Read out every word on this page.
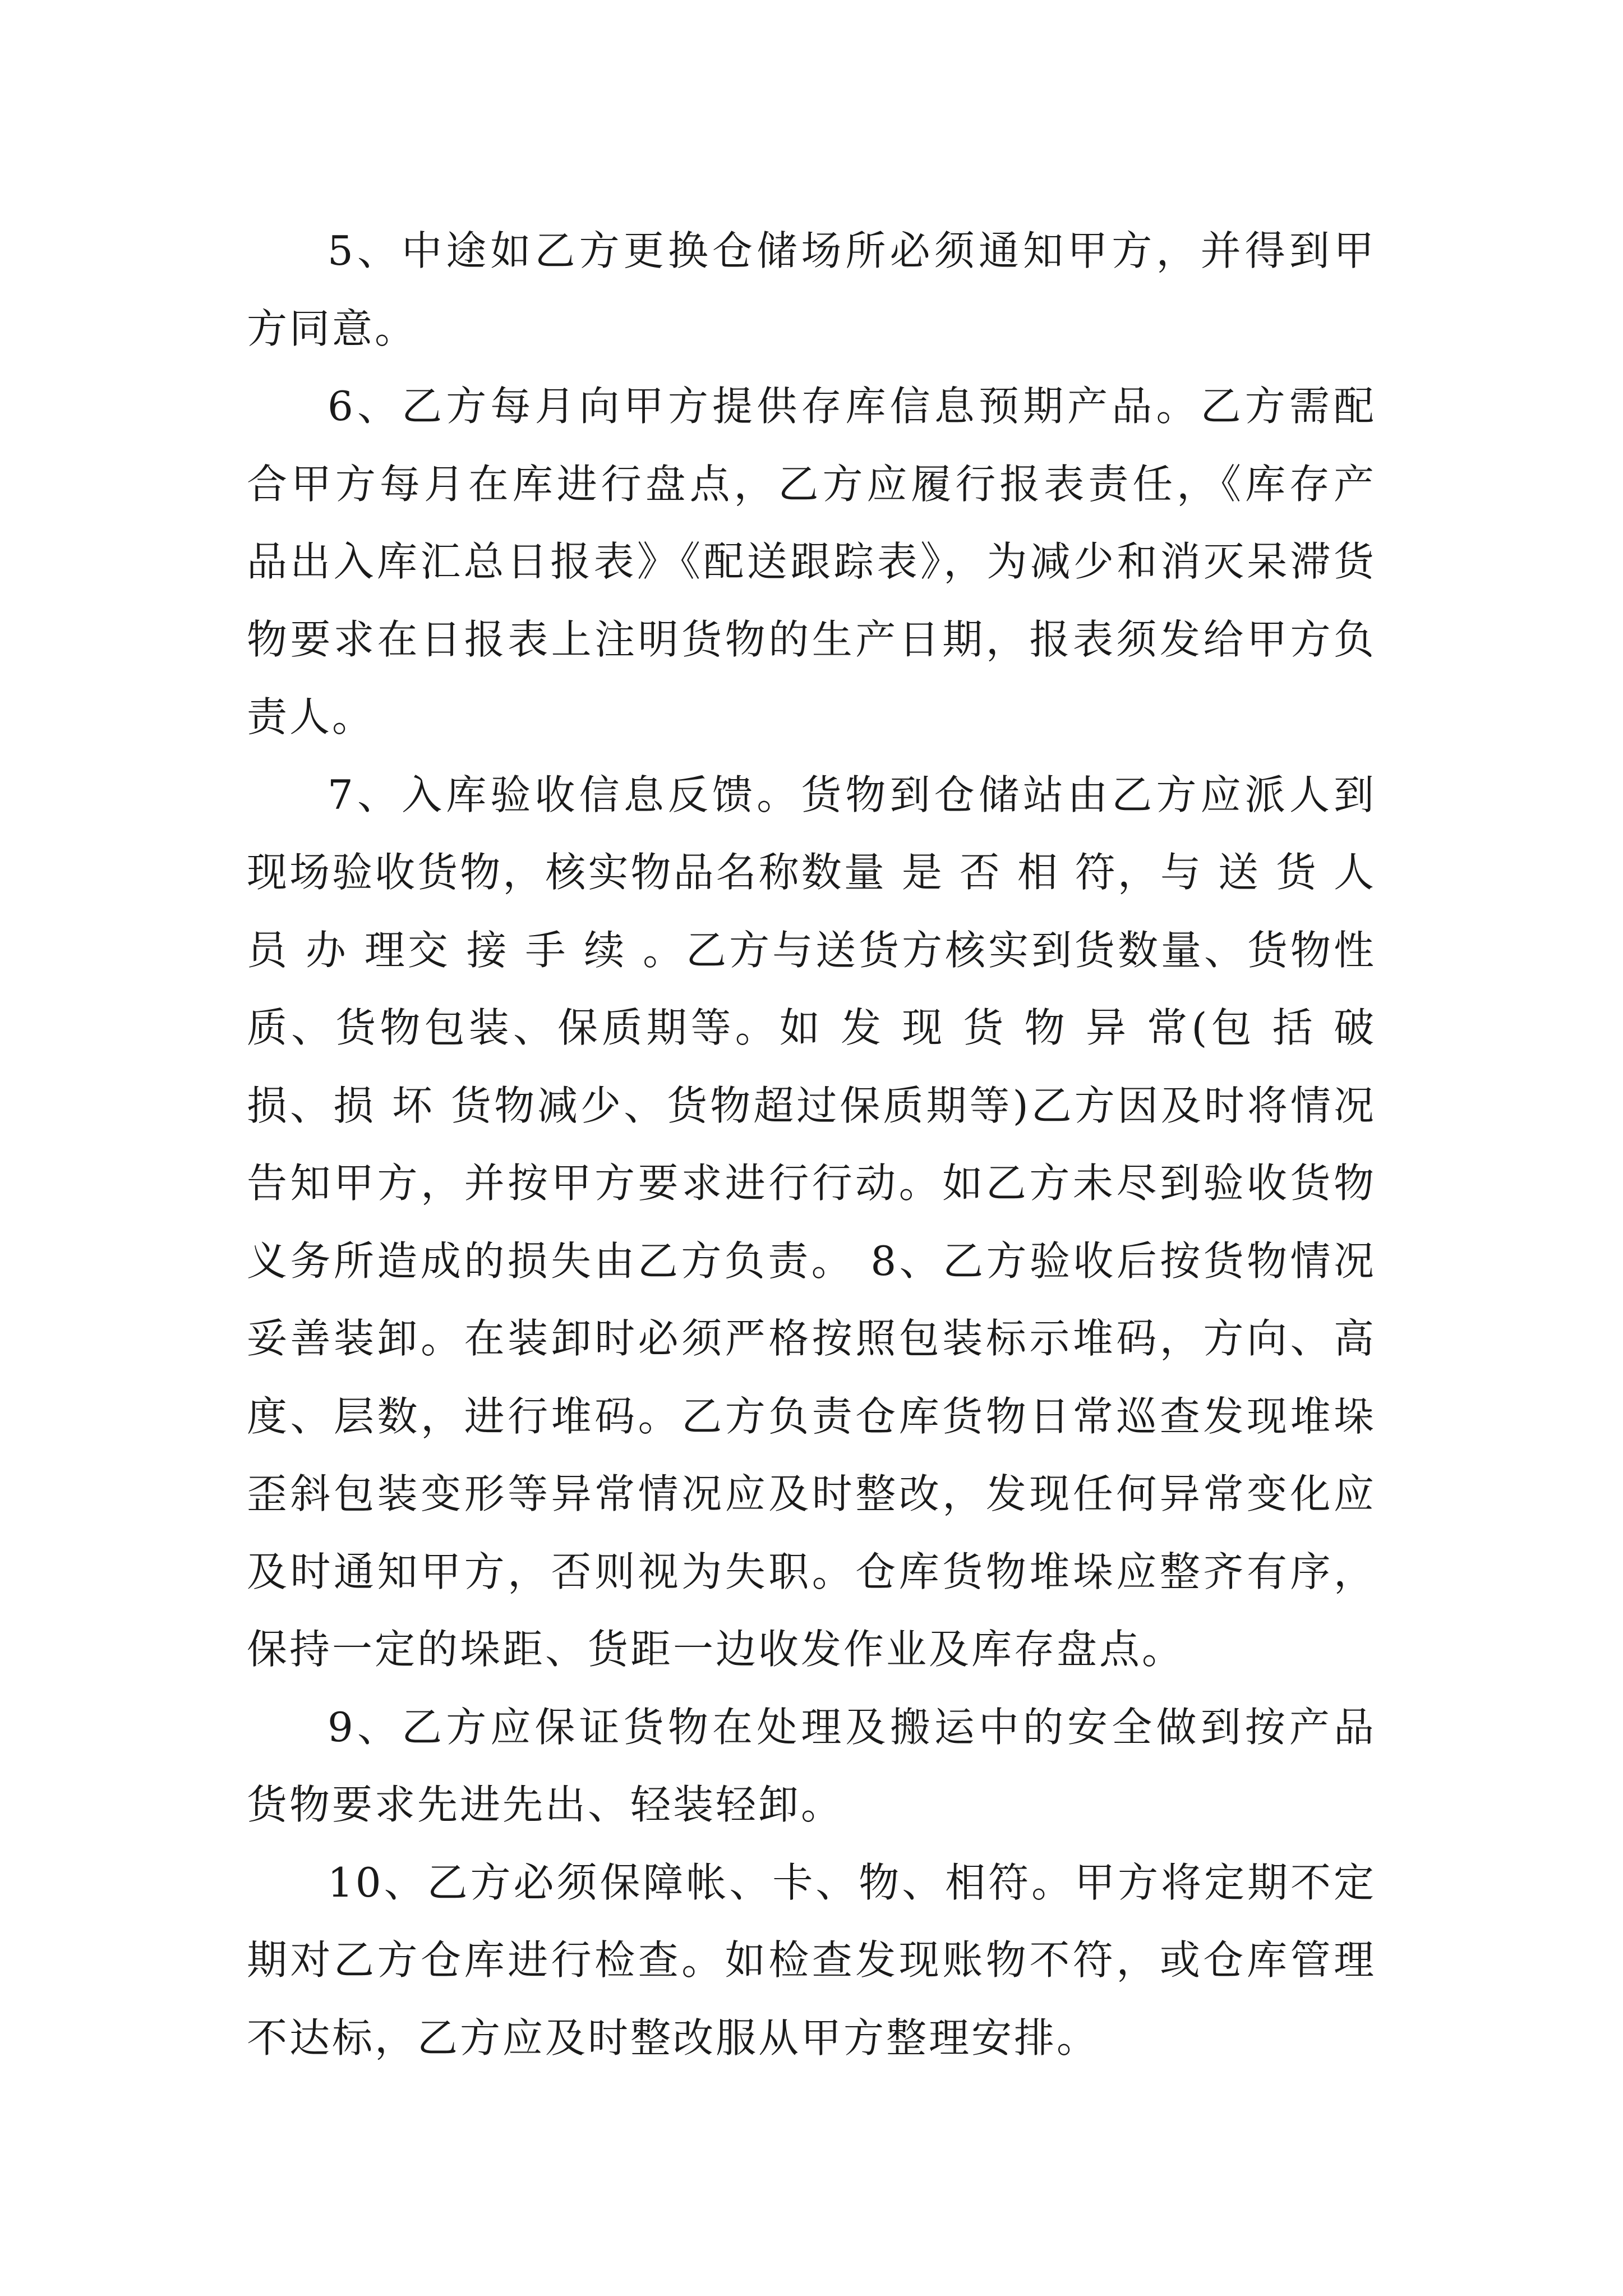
5、中途如乙方更换仓储场所必须通知甲方，并得到甲方同意。

6、乙方每月向甲方提供存库信息预期产品。乙方需配合甲方每月在库进行盘点，乙方应履行报表责任，《库存产品出入库汇总日报表》《配送跟踪表》，为减少和消灭呆滞货物要求在日报表上注明货物的生产日期，报表须发给甲方负责人。

7、入库验收信息反馈。货物到仓储站由乙方应派人到现场验收货物，核实物品名称数量 是 否 相 符，与 送 货 人 员 办 理交 接 手 续 。乙方与送货方核实到货数量、货物性质、货物包装、保质期等。如 发 现 货 物 异 常(包 括 破 损、损 坏 货物减少、货物超过保质期等)乙方因及时将情况告知甲方，并按甲方要求进行行动。如乙方未尽到验收货物义务所造成的损失由乙方负责。 8、乙方验收后按货物情况妥善装卸。在装卸时必须严格按照包装标示堆码，方向、高度、层数，进行堆码。乙方负责仓库货物日常巡查发现堆垛歪斜包装变形等异常情况应及时整改，发现任何异常变化应及时通知甲方，否则视为失职。仓库货物堆垛应整齐有序，保持一定的垛距、货距一边收发作业及库存盘点。

9、乙方应保证货物在处理及搬运中的安全做到按产品货物要求先进先出、轻装轻卸。

10、乙方必须保障帐、卡、物、相符。甲方将定期不定期对乙方仓库进行检查。如检查发现账物不符，或仓库管理不达标，乙方应及时整改服从甲方整理安排。
